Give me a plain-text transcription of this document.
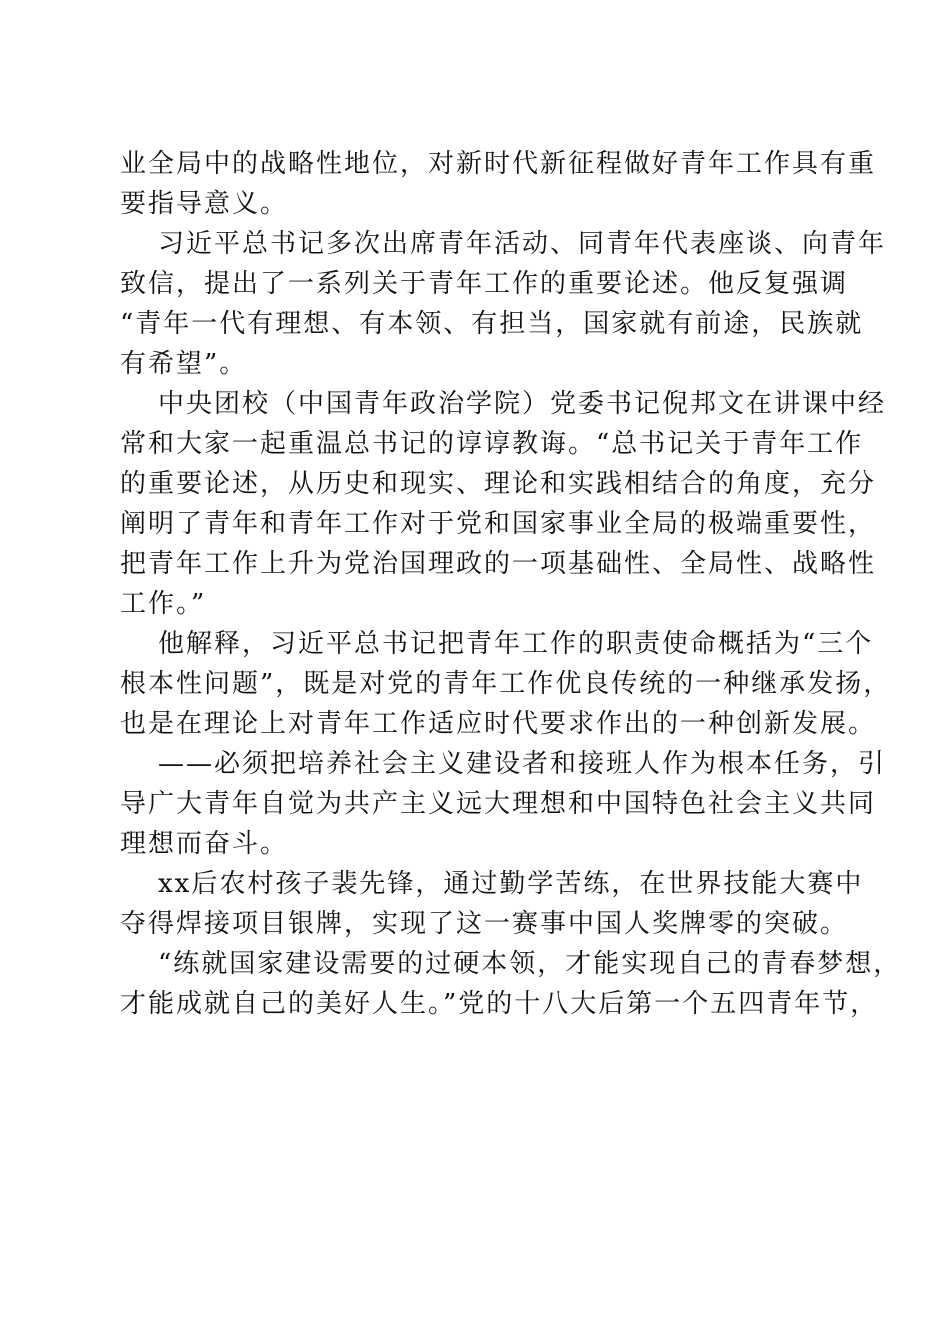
业全局中的战略性地位，对新时代新征程做好青年工作具有重
要指导意义。
习近平总书记多次出席青年活动、同青年代表座谈、向青年
致信，提出了一系列关于青年工作的重要论述。他反复强调
“青年一代有理想、有本领、有担当，国家就有前途，民族就
有希望”。
中央团校（中国青年政治学院）党委书记倪邦文在讲课中经
常和大家一起重温总书记的谆谆教诲。“总书记关于青年工作
的重要论述，从历史和现实、理论和实践相结合的角度，充分
阐明了青年和青年工作对于党和国家事业全局的极端重要性，
把青年工作上升为党治国理政的一项基础性、全局性、战略性
工作。”
他解释，习近平总书记把青年工作的职责使命概括为“三个
根本性问题”，既是对党的青年工作优良传统的一种继承发扬，
也是在理论上对青年工作适应时代要求作出的一种创新发展。
——必须把培养社会主义建设者和接班人作为根本任务，引
导广大青年自觉为共产主义远大理想和中国特色社会主义共同
理想而奋斗。
xx后农村孩子裴先锋，通过勤学苦练，在世界技能大赛中
夺得焊接项目银牌，实现了这一赛事中国人奖牌零的突破。
“练就国家建设需要的过硬本领，才能实现自己的青春梦想，
才能成就自己的美好人生。”党的十八大后第一个五四青年节，
